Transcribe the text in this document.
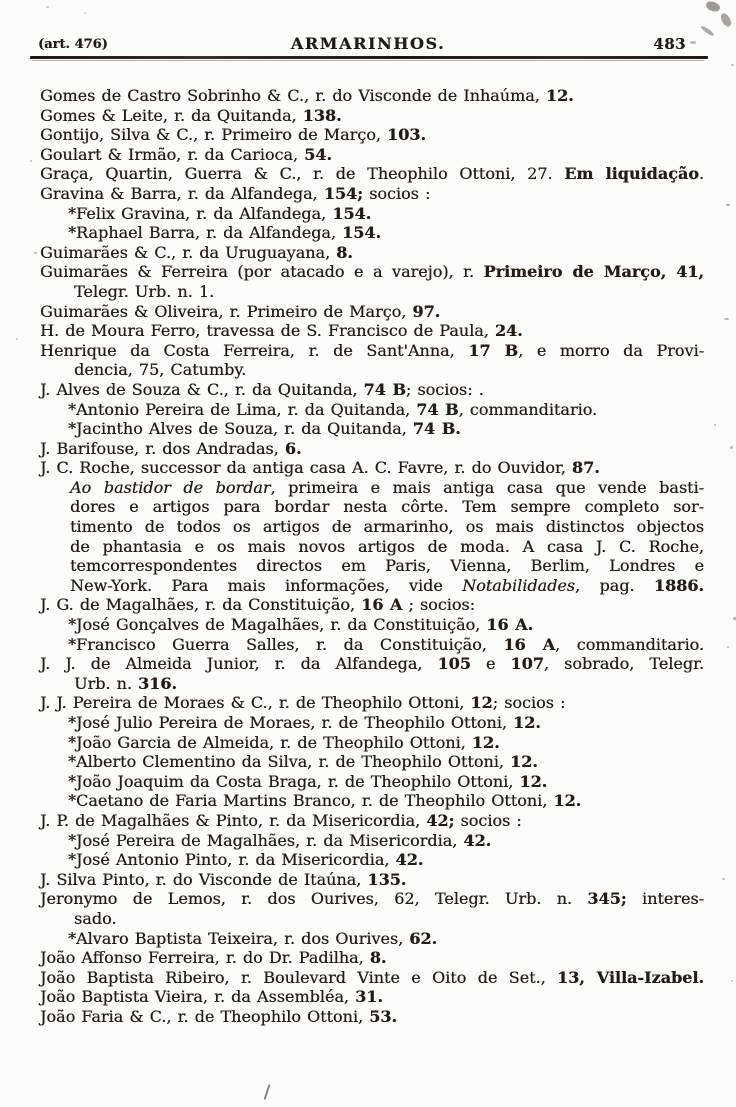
(art. 476)	ARMARINHOS.	483
Gomes de Castro Sobrinho & C., r. do Visconde de Inhaúma, 12.
Gomes & Leite, r. da Quitanda, 138.
Gontijo, Silva & C., r. Primeiro de Março, 103.
Goulart & Irmão, r. da Carioca, 54.
Graça, Quartin, Guerra & C., r. de Theophilo Ottoni, 27. Em liquidação.
Gravina & Barra, r. da Alfandega, 154; socios :
*Felix Gravina, r. da Alfandega, 154.
*Raphael Barra, r. da Alfandega, 154.
Guimarães & C., r. da Uruguayana, 8.
Guimarães & Ferreira (por atacado e a varejo), r. Primeiro de Março, 41,
Telegr. Urb. n. 1.
Guimarães & Oliveira, r. Primeiro de Março, 97.
H. de Moura Ferro, travessa de S. Francisco de Paula, 24.
Henrique da Costa Ferreira, r. de Sant'Anna, 17 B, e morro da Provi-
dencia, 75, Catumby.
J. Alves de Souza & C., r. da Quitanda, 74 B; socios: .
*Antonio Pereira de Lima, r. da Quitanda, 74 B, commanditario.
*Jacintho Alves de Souza, r. da Quitanda, 74 B.
J. Barifouse, r. dos Andradas, 6.
J. C. Roche, successor da antiga casa A. C. Favre, r. do Ouvidor, 87.
Ao bastidor de bordar, primeira e mais antiga casa que vende basti-
dores e artigos para bordar nesta côrte. Tem sempre completo sor-
timento de todos os artigos de armarinho, os mais distinctos objectos
de phantasia e os mais novos artigos de moda. A casa J. C. Roche,
temcorrespondentes directos em Paris, Vienna, Berlim, Londres e
New-York. Para mais informações, vide Notabilidades, pag. 1886.
J. G. de Magalhães, r. da Constituição, 16 A ; socios:
*José Gonçalves de Magalhães, r. da Constituição, 16 A.
*Francisco Guerra Salles, r. da Constituição, 16 A, commanditario.
J. J. de Almeida Junior, r. da Alfandega, 105 e 107, sobrado, Telegr.
Urb. n. 316.
J. J. Pereira de Moraes & C., r. de Theophilo Ottoni, 12; socios :
*José Julio Pereira de Moraes, r. de Theophilo Ottoni, 12.
*João Garcia de Almeida, r. de Theophilo Ottoni, 12.
*Alberto Clementino da Silva, r. de Theophilo Ottoni, 12.
*João Joaquim da Costa Braga, r. de Theophilo Ottoni, 12.
*Caetano de Faria Martins Branco, r. de Theophilo Ottoni, 12.
J. P. de Magalhães & Pinto, r. da Misericordia, 42; socios :
*José Pereira de Magalhães, r. da Misericordia, 42.
*José Antonio Pinto, r. da Misericordia, 42.
J. Silva Pinto, r. do Visconde de Itaúna, 135.
Jeronymo de Lemos, r. dos Ourives, 62, Telegr. Urb. n. 345; interes-
sado.
*Alvaro Baptista Teixeira, r. dos Ourives, 62.
João Affonso Ferreira, r. do Dr. Padilha, 8.
João Baptista Ribeiro, r. Boulevard Vinte e Oito de Set., 13, Villa-Izabel.
João Baptista Vieira, r. da Assembléa, 31.
João Faria & C., r. de Theophilo Ottoni, 53.
